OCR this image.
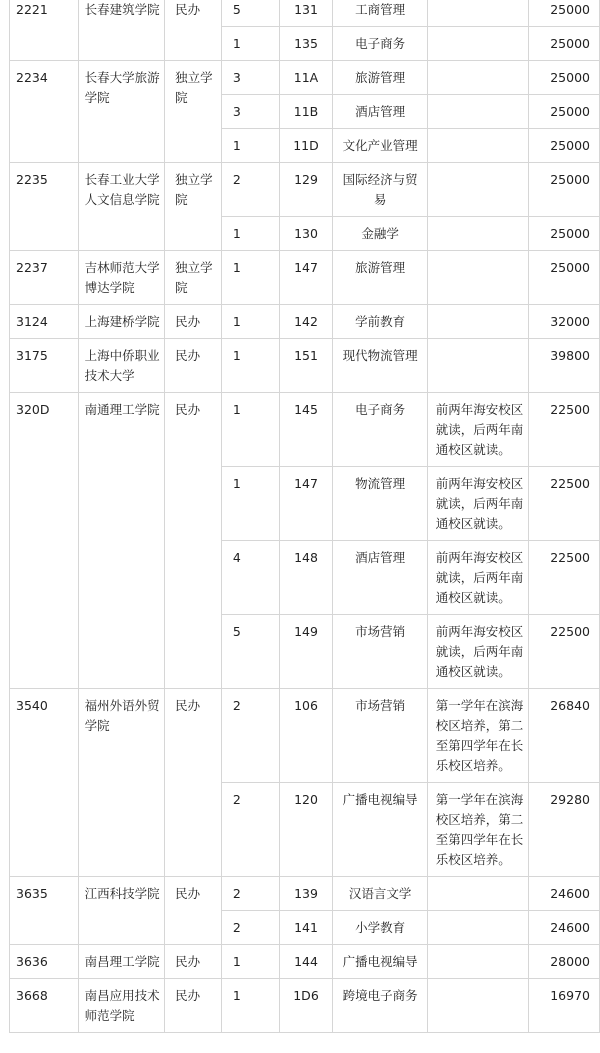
2221	长春建筑学院	民办	5	131	工商管理		25000
			1	135	电子商务		25000
2234	长春大学旅游学院	独立学院	3	11A	旅游管理		25000
			3	11B	酒店管理		25000
			1	11D	文化产业管理		25000
2235	长春工业大学人文信息学院	独立学院	2	129	国际经济与贸易		25000
			1	130	金融学		25000
2237	吉林师范大学博达学院	独立学院	1	147	旅游管理		25000
3124	上海建桥学院	民办	1	142	学前教育		32000
3175	上海中侨职业技术大学	民办	1	151	现代物流管理		39800
320D	南通理工学院	民办	1	145	电子商务	前两年海安校区就读，后两年南通校区就读。	22500
			1	147	物流管理	前两年海安校区就读，后两年南通校区就读。	22500
			4	148	酒店管理	前两年海安校区就读，后两年南通校区就读。	22500
			5	149	市场营销	前两年海安校区就读，后两年南通校区就读。	22500
3540	福州外语外贸学院	民办	2	106	市场营销	第一学年在滨海校区培养，第二至第四学年在长乐校区培养。	26840
			2	120	广播电视编导	第一学年在滨海校区培养，第二至第四学年在长乐校区培养。	29280
3635	江西科技学院	民办	2	139	汉语言文学		24600
			2	141	小学教育		24600
3636	南昌理工学院	民办	1	144	广播电视编导		28000
3668	南昌应用技术师范学院	民办	1	1D6	跨境电子商务		16970
